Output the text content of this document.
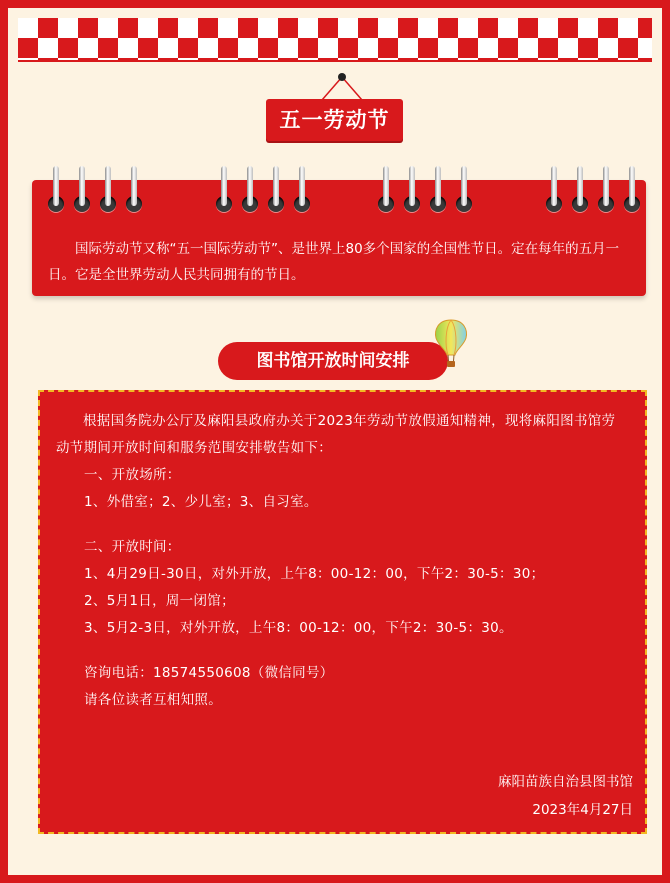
五一劳动节
国际劳动节又称“五一国际劳动节”、是世界上80多个国家的全国性节日。定在每年的五月一日。它是全世界劳动人民共同拥有的节日。
图书馆开放时间安排

根据国务院办公厅及麻阳县政府办关于2023年劳动节放假通知精神，现将麻阳图书馆劳动节期间开放时间和服务范围安排敬告如下：

一、开放场所：

1、外借室；2、少儿室；3、自习室。

二、开放时间：

1、4月29日-30日，对外开放，上午8：00-12：00，下午2：30-5：30；

2、5月1日，周一闭馆；

3、5月2-3日，对外开放，上午8：00-12：00，下午2：30-5：30。

咨询电话：18574550608（微信同号）

请各位读者互相知照。

麻阳苗族自治县图书馆
2023年4月27日
